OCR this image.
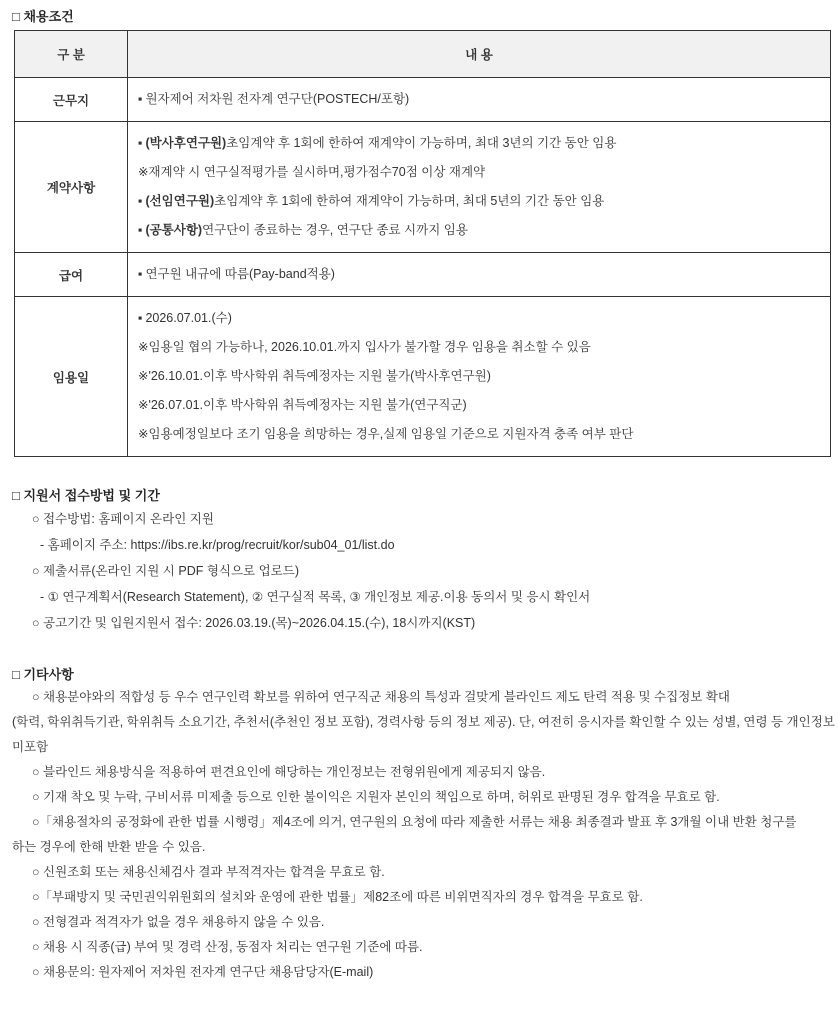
□ 채용조건
구 분	내 용
근무지	▪ 원자제어 저차원 전자계 연구단(POSTECH/포항)

계약사항	▪ (박사후연구원)초임계약 후 1회에 한하여 재계약이 가능하며, 최대 3년의 기간 동안 임용
※재계약 시 연구실적평가를 실시하며,평가점수70점 이상 재계약
▪ (선임연구원)초임계약 후 1회에 한하여 재계약이 가능하며, 최대 5년의 기간 동안 임용
▪ (공통사항)연구단이 종료하는 경우, 연구단 종료 시까지 임용

급여	▪ 연구원 내규에 따름(Pay-band적용)

임용일	▪ 2026.07.01.(수)
※임용일 협의 가능하나, 2026.10.01.까지 입사가 불가할 경우 임용을 취소할 수 있음
※'26.10.01.이후 박사학위 취득예정자는 지원 불가(박사후연구원)
※'26.07.01.이후 박사학위 취득예정자는 지원 불가(연구직군)
※임용예정일보다 조기 임용을 희망하는 경우,실제 임용일 기준으로 지원자격 충족 여부 판단
□ 지원서 접수방법 및 기간
○ 접수방법: 홈페이지 온라인 지원
- 홈페이지 주소: https://ibs.re.kr/prog/recruit/kor/sub04_01/list.do
○ 제출서류(온라인 지원 시 PDF 형식으로 업로드)
- ① 연구계획서(Research Statement), ② 연구실적 목록, ③ 개인정보 제공.이용 동의서 및 응시 확인서
○ 공고기간 및 입원지원서 접수: 2026.03.19.(목)~2026.04.15.(수), 18시까지(KST)
□ 기타사항
○ 채용분야와의 적합성 등 우수 연구인력 확보를 위하여 연구직군 채용의 특성과 걸맞게 블라인드 제도 탄력 적용 및 수집정보 확대
(학력, 학위취득기관, 학위취득 소요기간, 추천서(추천인 정보 포함), 경력사항 등의 정보 제공). 단, 여전히 응시자를 확인할 수 있는 성별, 연령 등 개인정보
미포함
○ 블라인드 채용방식을 적용하여 편견요인에 해당하는 개인정보는 전형위원에게 제공되지 않음.
○ 기재 착오 및 누락, 구비서류 미제출 등으로 인한 불이익은 지원자 본인의 책임으로 하며, 허위로 판명된 경우 합격을 무효로 함.
○「채용절차의 공정화에 관한 법률 시행령」제4조에 의거, 연구원의 요청에 따라 제출한 서류는 채용 최종결과 발표 후 3개월 이내 반환 청구를
하는 경우에 한해 반환 받을 수 있음.
○ 신원조회 또는 채용신체검사 결과 부적격자는 합격을 무효로 함.
○「부패방지 및 국민권익위원회의 설치와 운영에 관한 법률」제82조에 따른 비위면직자의 경우 합격을 무효로 함.
○ 전형결과 적격자가 없을 경우 채용하지 않을 수 있음.
○ 채용 시 직종(급) 부여 및 경력 산정, 동점자 처리는 연구원 기준에 따름.
○ 채용문의: 원자제어 저차원 전자계 연구단 채용담당자(E-mail)
